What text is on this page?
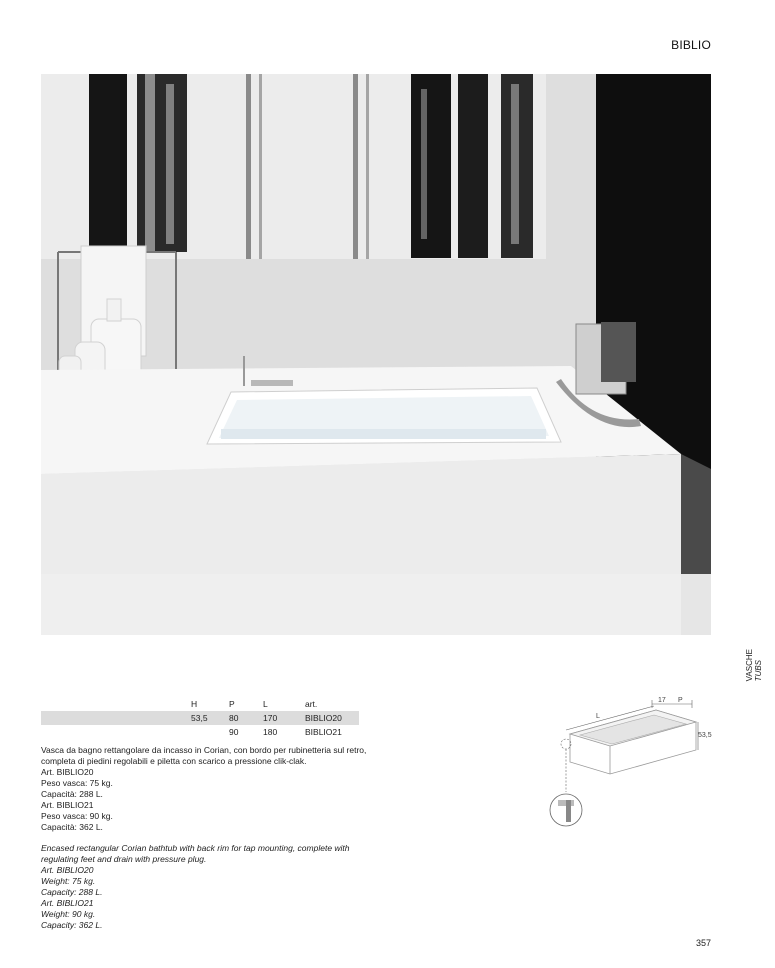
BIBLIO
VASCHE TUBS
	H	P	L	art.
	53,5	80	170	BIBLIO20
		90	180	BIBLIO21

Vasca da bagno rettangolare da incasso in Corian, con bordo per rubinetteria sul retro, completa di piedini regolabili e piletta con scarico a pressione clik-clak.

Art. BIBLIO20
Peso vasca: 75 kg.
Capacità: 288 L.
Art. BIBLIO21
Peso vasca: 90 kg.
Capacità: 362 L.

Encased rectangular Corian bathtub with back rim for tap mounting, complete with regulating feet and drain with pressure plug.

Art. BIBLIO20
Weight: 75 kg.
Capacity: 288 L.
Art. BIBLIO21
Weight: 90 kg.
Capacity: 362 L.
17 P
L
53,5
357
